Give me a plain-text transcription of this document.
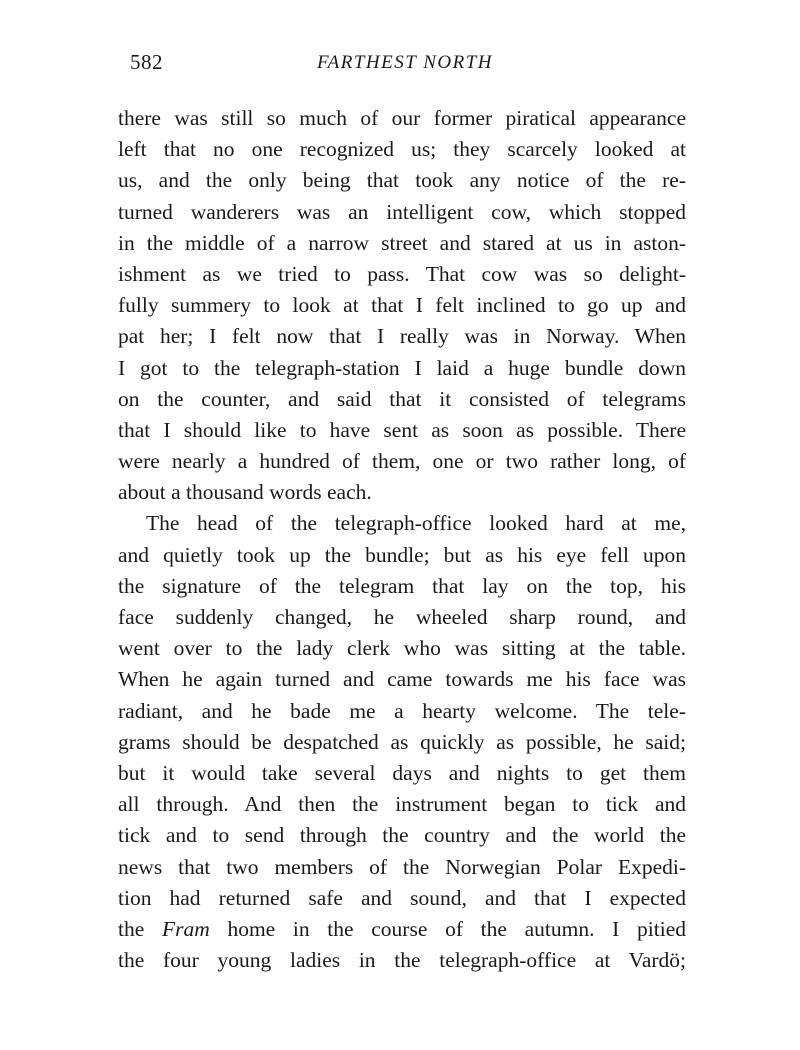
582	FARTHEST NORTH
there was still so much of our former piratical appearance
left that no one recognized us; they scarcely looked at
us, and the only being that took any notice of the re-
turned wanderers was an intelligent cow, which stopped
in the middle of a narrow street and stared at us in aston-
ishment as we tried to pass. That cow was so delight-
fully summery to look at that I felt inclined to go up and
pat her; I felt now that I really was in Norway. When
I got to the telegraph-station I laid a huge bundle down
on the counter, and said that it consisted of telegrams
that I should like to have sent as soon as possible. There
were nearly a hundred of them, one or two rather long, of
about a thousand words each.
The head of the telegraph-office looked hard at me,
and quietly took up the bundle; but as his eye fell upon
the signature of the telegram that lay on the top, his
face suddenly changed, he wheeled sharp round, and
went over to the lady clerk who was sitting at the table.
When he again turned and came towards me his face was
radiant, and he bade me a hearty welcome. The tele-
grams should be despatched as quickly as possible, he said;
but it would take several days and nights to get them
all through. And then the instrument began to tick and
tick and to send through the country and the world the
news that two members of the Norwegian Polar Expedi-
tion had returned safe and sound, and that I expected
the Fram home in the course of the autumn. I pitied
the four young ladies in the telegraph-office at Vardö;
